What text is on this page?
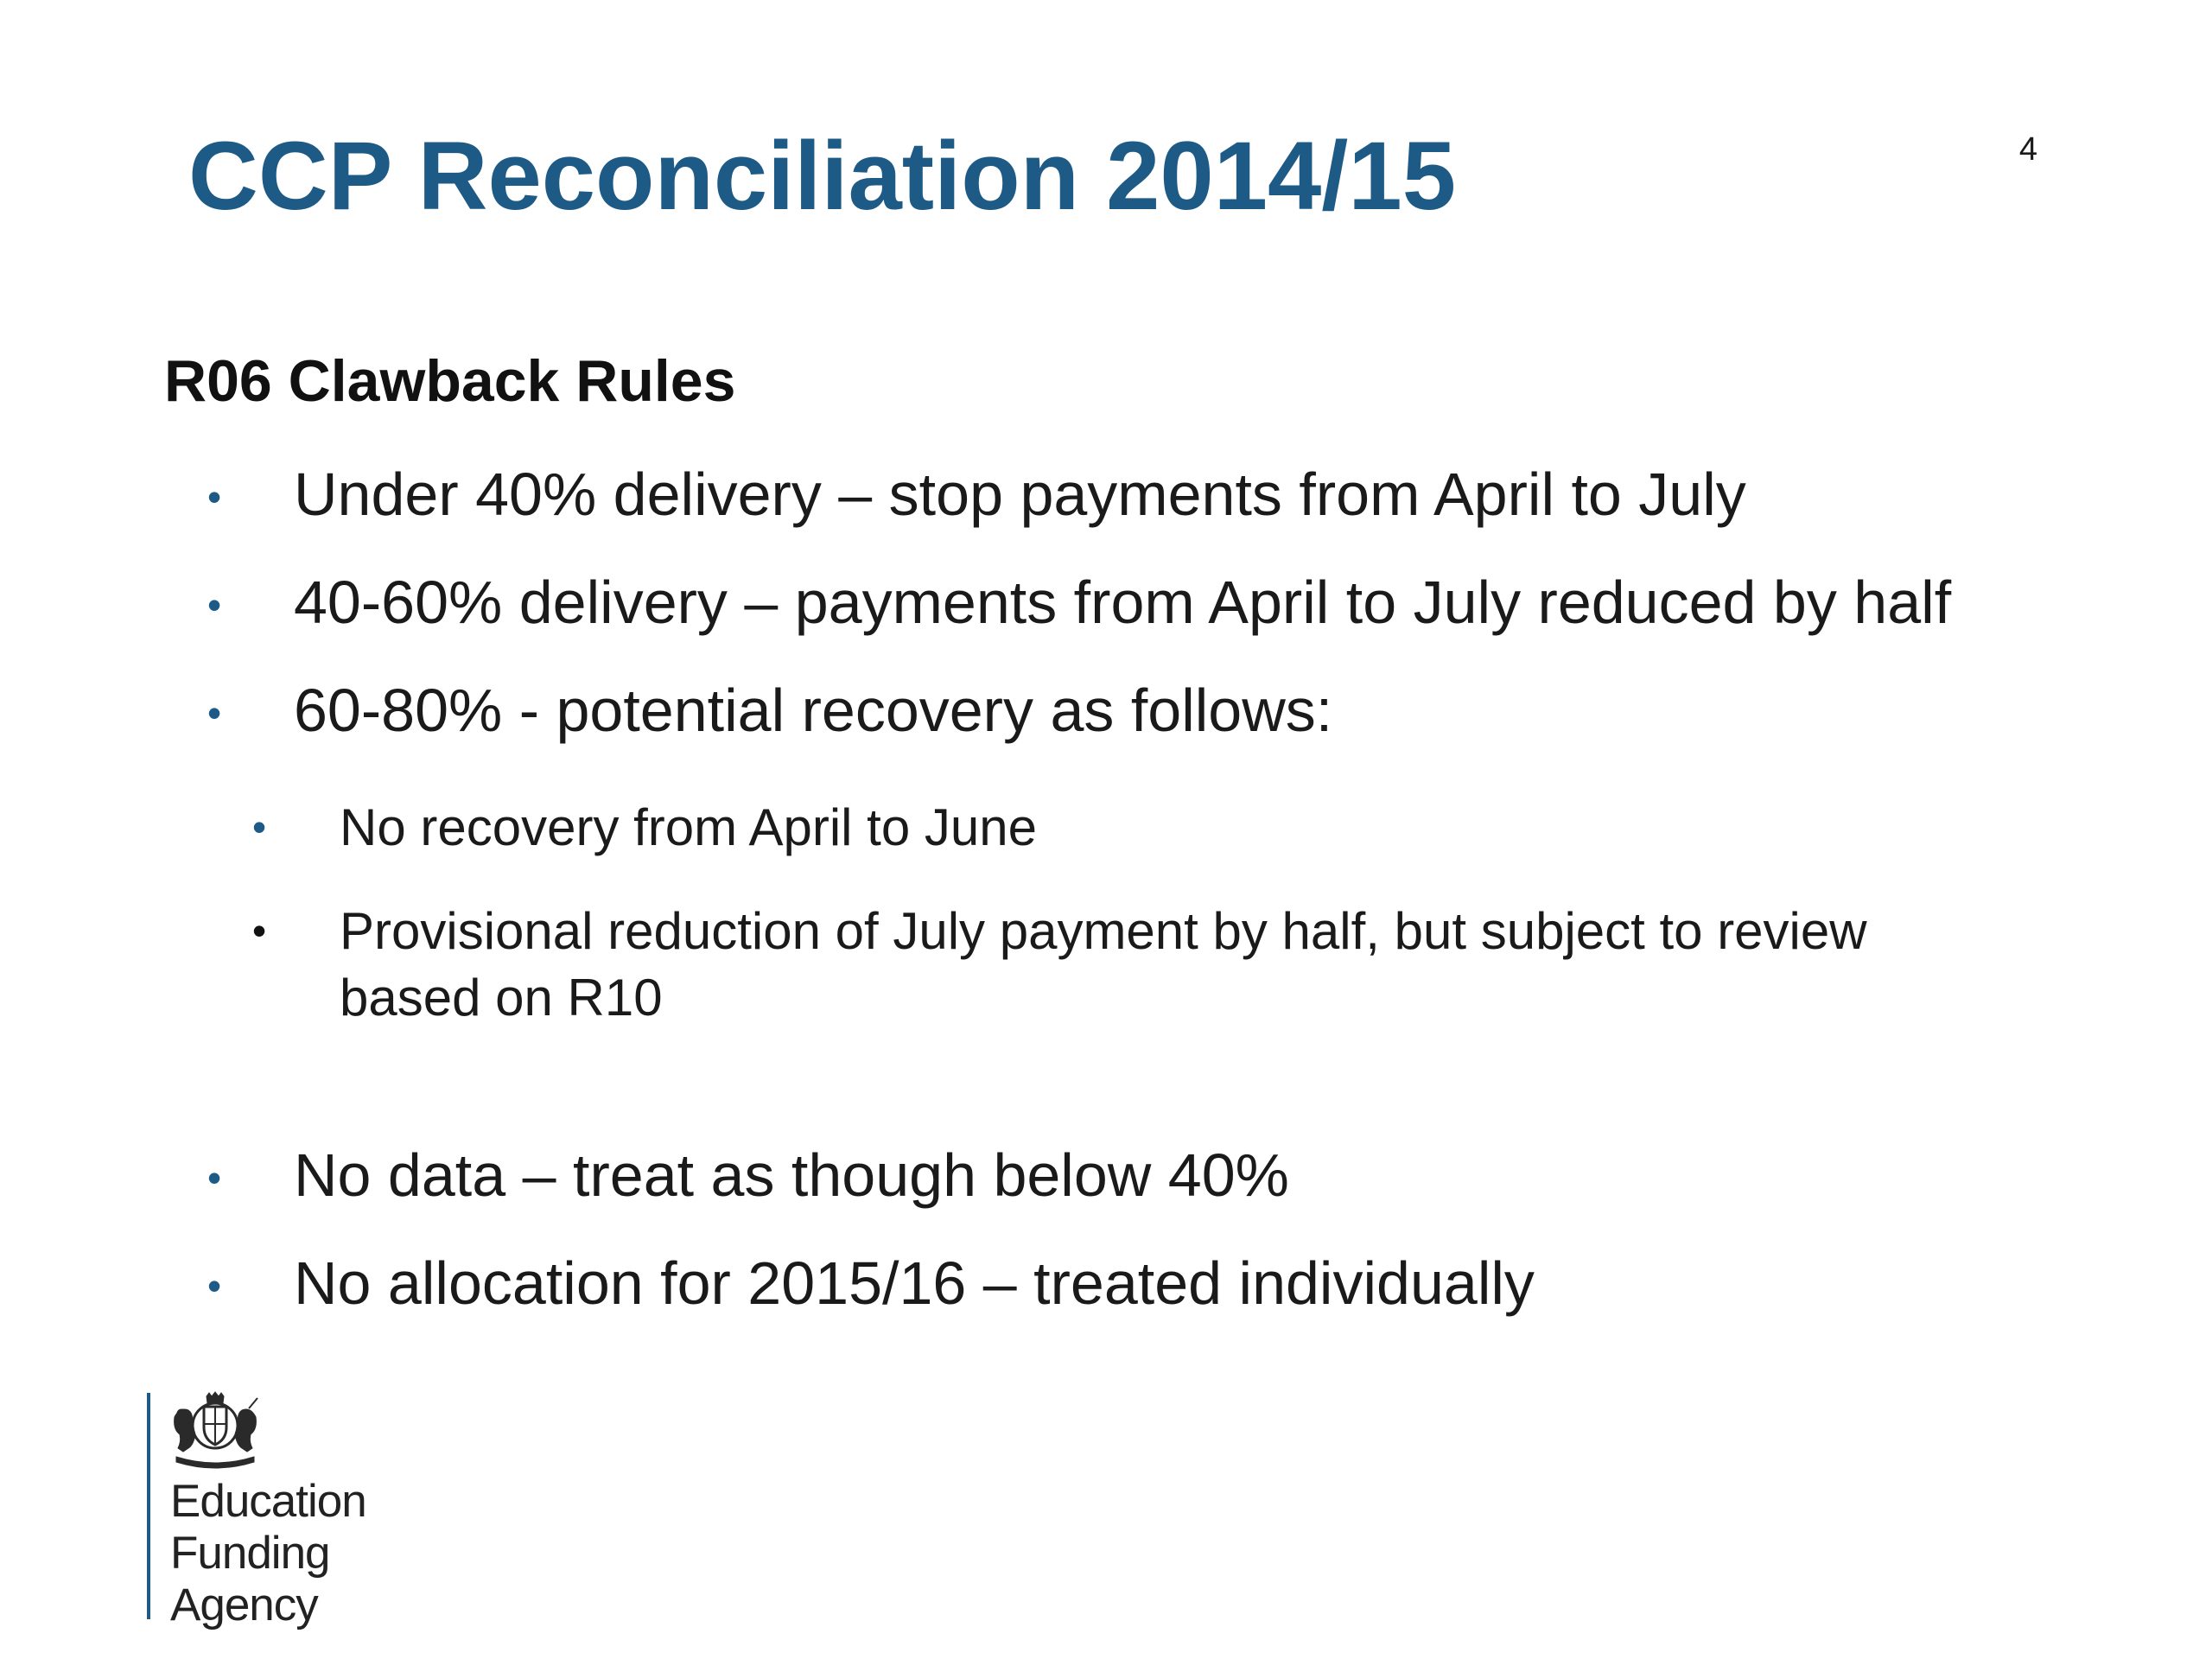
CCP Reconciliation 2014/15	4
R06 Clawback Rules
• Under 40% delivery – stop payments from April to July
• 40-60% delivery – payments from April to July reduced by half
• 60-80% - potential recovery as follows:
• No recovery from April to June
• Provisional reduction of July payment by half, but subject to review based on R10
• No data – treat as though below 40%
• No allocation for 2015/16 – treated individually
Education
Funding
Agency
